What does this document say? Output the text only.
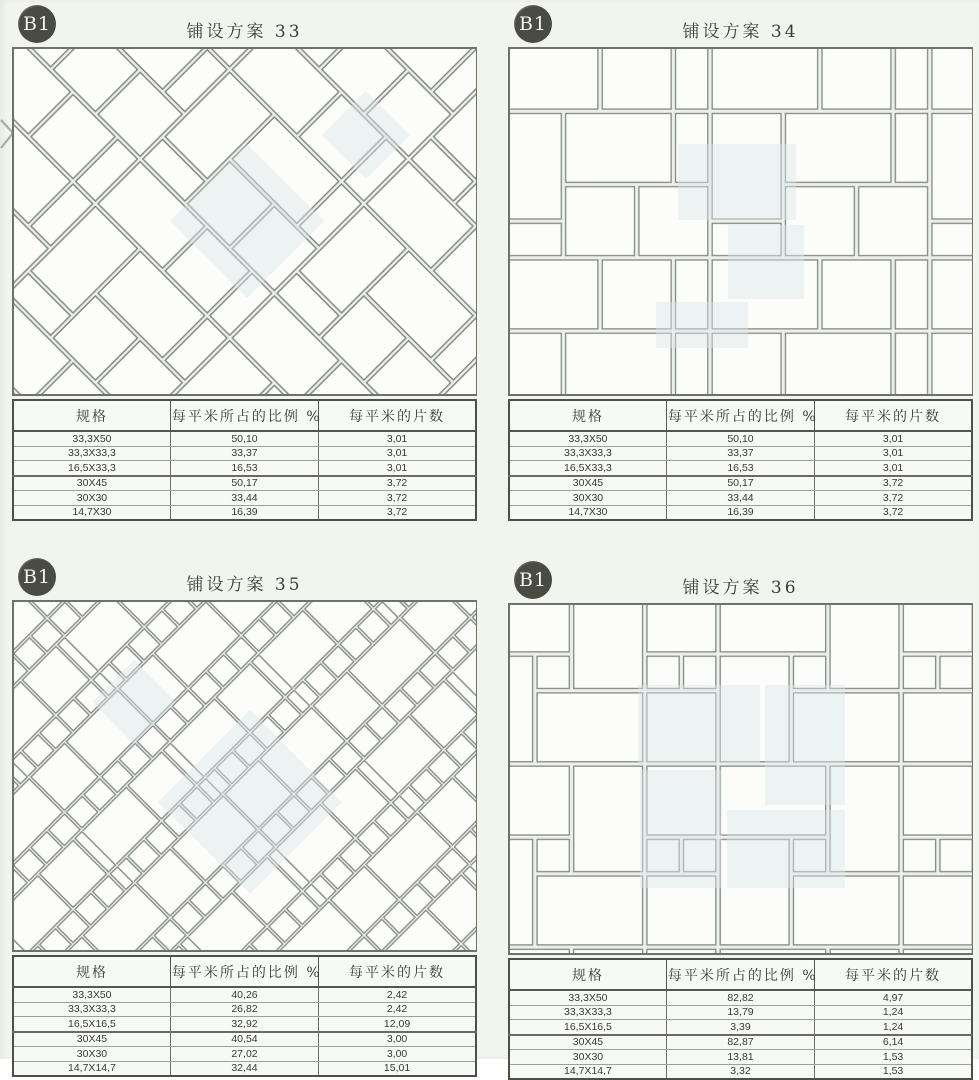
B1	铺设方案 33
规格	每平米所占的比例 %	每平米的片数
33,3X50	50,10	3,01
33,3X33,3	33,37	3,01
16,5X33,3	16,53	3,01
30X45	50,17	3,72
30X30	33,44	3,72
14,7X30	16,39	3,72
B1	铺设方案 34
规格	每平米所占的比例 %	每平米的片数
33,3X50	50,10	3,01
33,3X33,3	33,37	3,01
16,5X33,3	16,53	3,01
30X45	50,17	3,72
30X30	33,44	3,72
14,7X30	16,39	3,72
B1	铺设方案 35
规格	每平米所占的比例 %	每平米的片数
33,3X50	40,26	2,42
33,3X33,3	26,82	2,42
16,5X16,5	32,92	12,09
30X45	40,54	3,00
30X30	27,02	3,00
14,7X14,7	32,44	15,01
B1	铺设方案 36
规格	每平米所占的比例 %	每平米的片数
33,3X50	82,82	4,97
33,3X33,3	13,79	1,24
16,5X16,5	3,39	1,24
30X45	82,87	6,14
30X30	13,81	1,53
14,7X14,7	3,32	1,53
